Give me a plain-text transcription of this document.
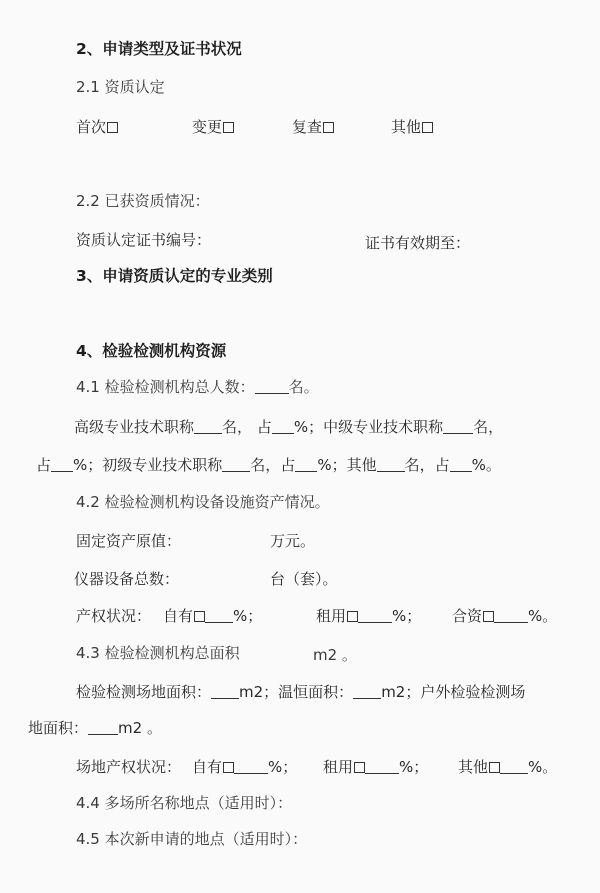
2、申请类型及证书状况
2.1 资质认定
首次	变更	复查	其他
2.2 已获资质情况：
资质认定证书编号：	证书有效期至：
3、申请资质认定的专业类别
4、检验检测机构资源
4.1 检验检测机构总人数： 名。
高级专业技术职称 名， 占 %；中级专业技术职称 名，
占 %；初级专业技术职称 名，占 %；其他 名，占 %。
4.2 检验检测机构设备设施资产情况。
固定资产原值：	万元。
仪器设备总数：	台（套）。
产权状况： 自有	%；	租用	%； 合资	%。
4.3 检验检测机构总面积	m2 。
检验检测场地面积： m2；温恒面积： m2；户外检验检测场
地面积： m2 。
场地产权状况： 自有	%； 租用	%； 其他	%。
4.4 多场所名称地点（适用时）：
4.5 本次新申请的地点（适用时）：
